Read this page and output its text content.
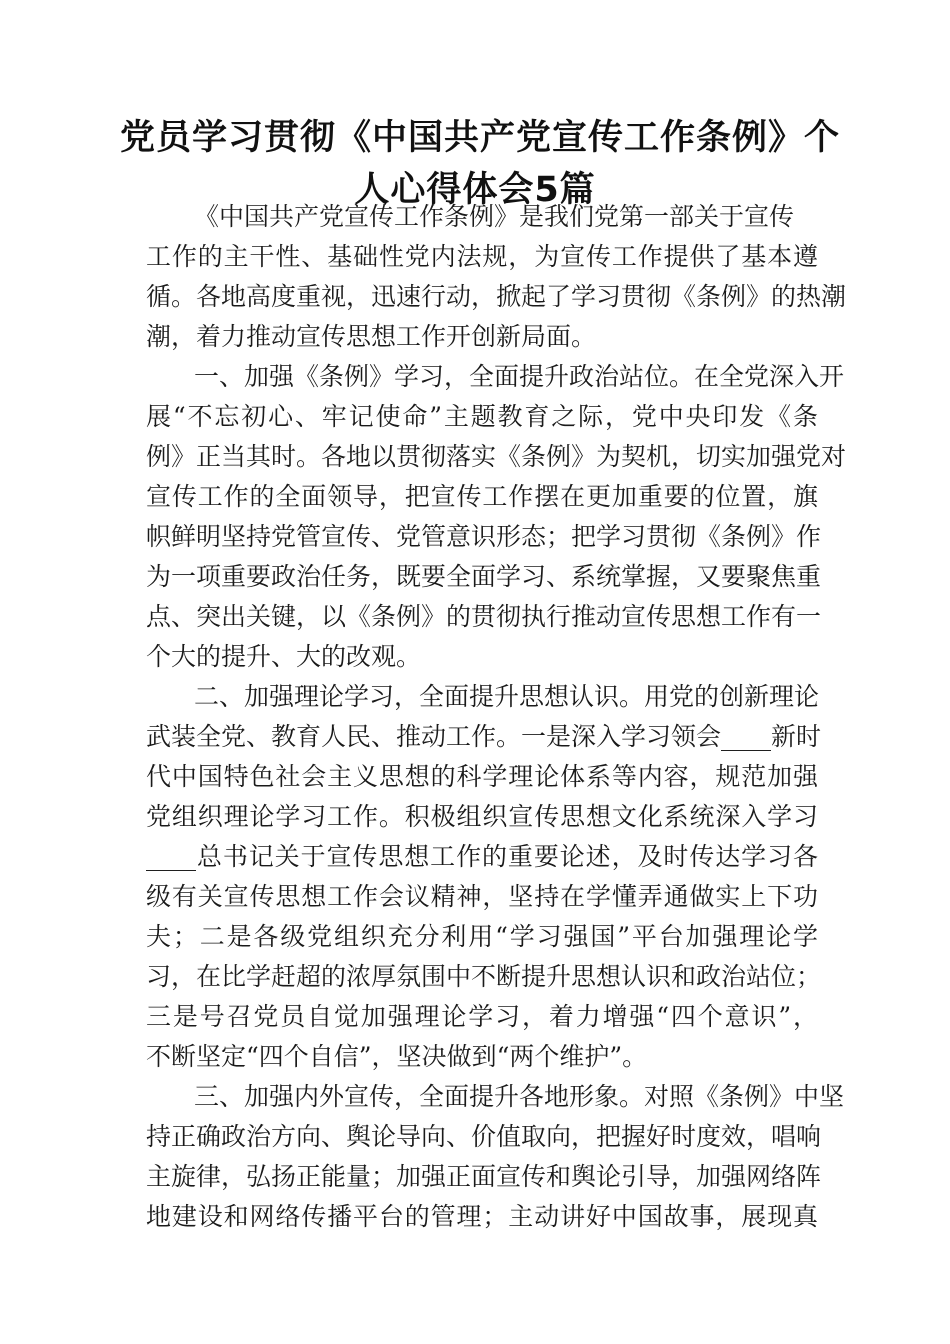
党员学习贯彻《中国共产党宣传工作条例》个
人心得体会5篇
《中国共产党宣传工作条例》是我们党第一部关于宣传
工作的主干性、基础性党内法规，为宣传工作提供了基本遵
循。各地高度重视，迅速行动，掀起了学习贯彻《条例》的热潮
潮，着力推动宣传思想工作开创新局面。
一、加强《条例》学习，全面提升政治站位。在全党深入开
展“不忘初心、牢记使命”主题教育之际，党中央印发《条
例》正当其时。各地以贯彻落实《条例》为契机，切实加强党对
宣传工作的全面领导，把宣传工作摆在更加重要的位置，旗
帜鲜明坚持党管宣传、党管意识形态；把学习贯彻《条例》作
为一项重要政治任务，既要全面学习、系统掌握，又要聚焦重
点、突出关键，以《条例》的贯彻执行推动宣传思想工作有一
个大的提升、大的改观。
二、加强理论学习，全面提升思想认识。用党的创新理论
武装全党、教育人民、推动工作。一是深入学习领会____新时
代中国特色社会主义思想的科学理论体系等内容，规范加强
党组织理论学习工作。积极组织宣传思想文化系统深入学习
____总书记关于宣传思想工作的重要论述，及时传达学习各
级有关宣传思想工作会议精神，坚持在学懂弄通做实上下功
夫；二是各级党组织充分利用“学习强国”平台加强理论学
习，在比学赶超的浓厚氛围中不断提升思想认识和政治站位；
三是号召党员自觉加强理论学习，着力增强“四个意识”，
不断坚定“四个自信”，坚决做到“两个维护”。
三、加强内外宣传，全面提升各地形象。对照《条例》中坚
持正确政治方向、舆论导向、价值取向，把握好时度效，唱响
主旋律，弘扬正能量；加强正面宣传和舆论引导，加强网络阵
地建设和网络传播平台的管理；主动讲好中国故事，展现真
